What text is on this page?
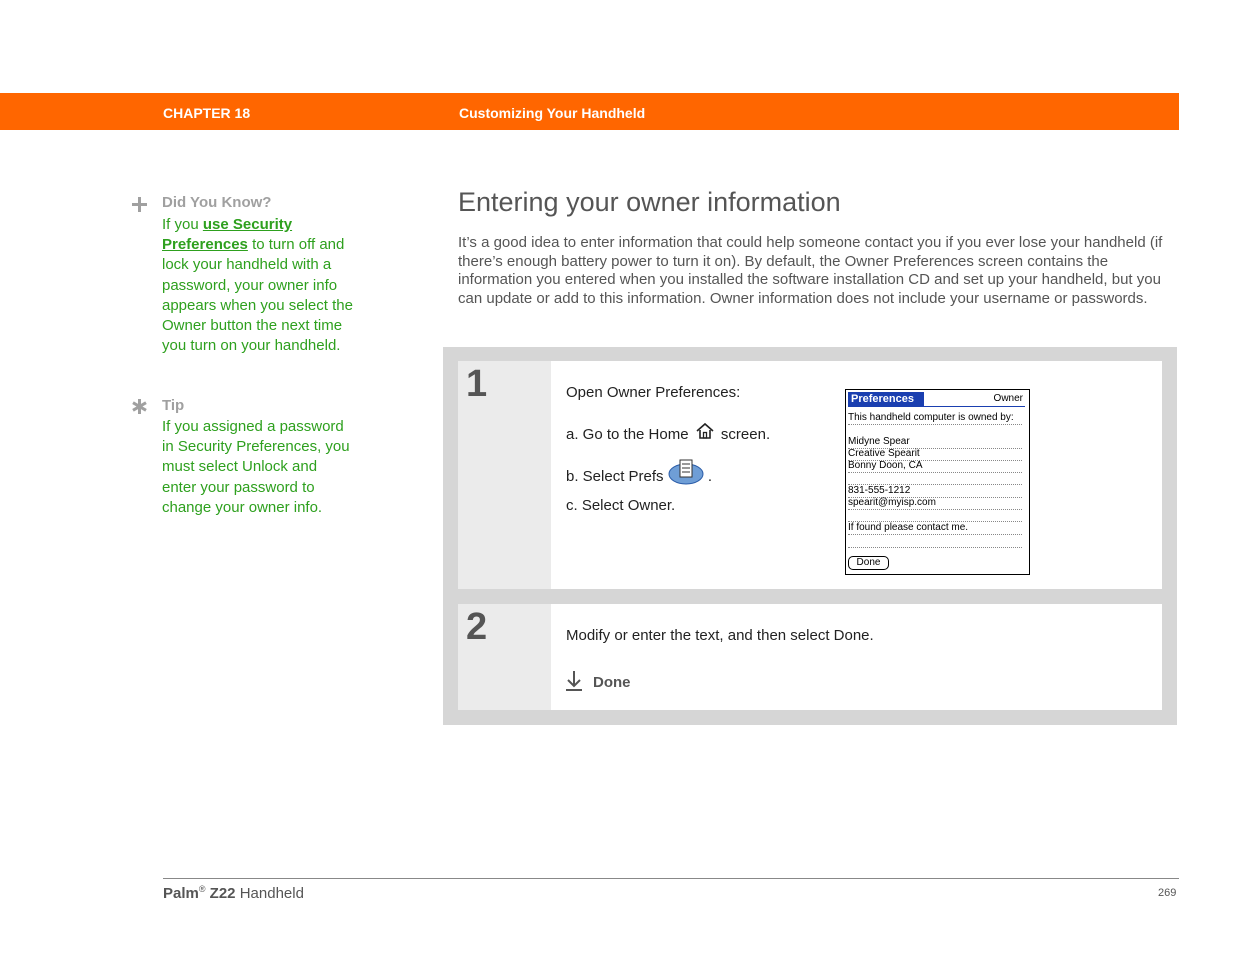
CHAPTER 18	Customizing Your Handheld
Did You Know?
If you use Security Preferences to turn off and lock your handheld with a password, your owner info appears when you select the Owner button the next time you turn on your handheld.
Tip
If you assigned a password in Security Preferences, you must select Unlock and enter your password to change your owner info.
Entering your owner information

It’s a good idea to enter information that could help someone contact you if you ever lose your handheld (if there’s enough battery power to turn it on). By default, the Owner Preferences screen contains the information you entered when you installed the software installation CD and set up your handheld, but you can update or add to this information. Owner information does not include your username or passwords.

1	Open Owner Preferences:
a. Go to the Home screen.
b. Select Prefs	.
c. Select Owner.
Preferences	Owner
This handheld computer is owned by:
Midyne Spear
Creative Spearit
Bonny Doon, CA
831-555-1212
spearit@myisp.com
If found please contact me.
Done
2	Modify or enter the text, and then select Done.
Done
Palm® Z22 Handheld	269
